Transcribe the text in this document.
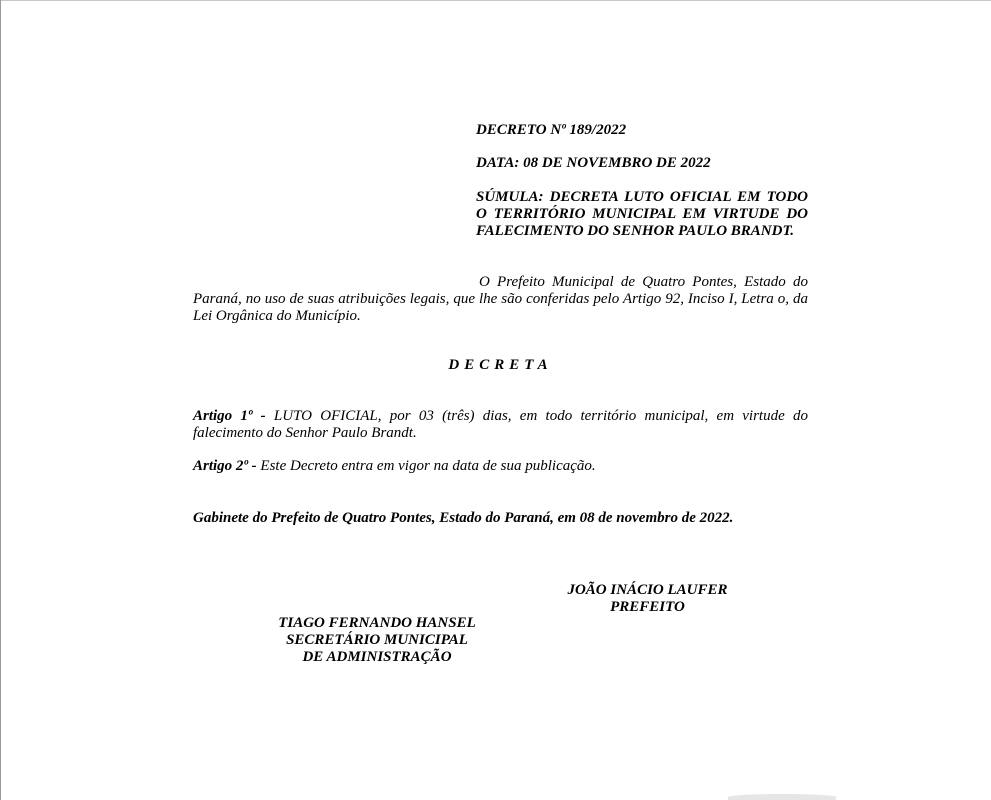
DECRETO Nº 189/2022

DATA: 08 DE NOVEMBRO DE 2022

SÚMULA: DECRETA LUTO OFICIAL EM TODO O TERRITÓRIO MUNICIPAL EM VIRTUDE DO FALECIMENTO DO SENHOR PAULO BRANDT.

O Prefeito Municipal de Quatro Pontes, Estado do Paraná, no uso de suas atribuições legais, que lhe são conferidas pelo Artigo 92, Inciso I, Letra o, da Lei Orgânica do Município.

DECRETA

Artigo 1º - LUTO OFICIAL, por 03 (três) dias, em todo território municipal, em virtude do falecimento do Senhor Paulo Brandt.

Artigo 2º - Este Decreto entra em vigor na data de sua publicação.

Gabinete do Prefeito de Quatro Pontes, Estado do Paraná, em 08 de novembro de 2022.

JOÃO INÁCIO LAUFER
PREFEITO
TIAGO FERNANDO HANSEL
SECRETÁRIO MUNICIPAL
DE ADMINISTRAÇÃO
